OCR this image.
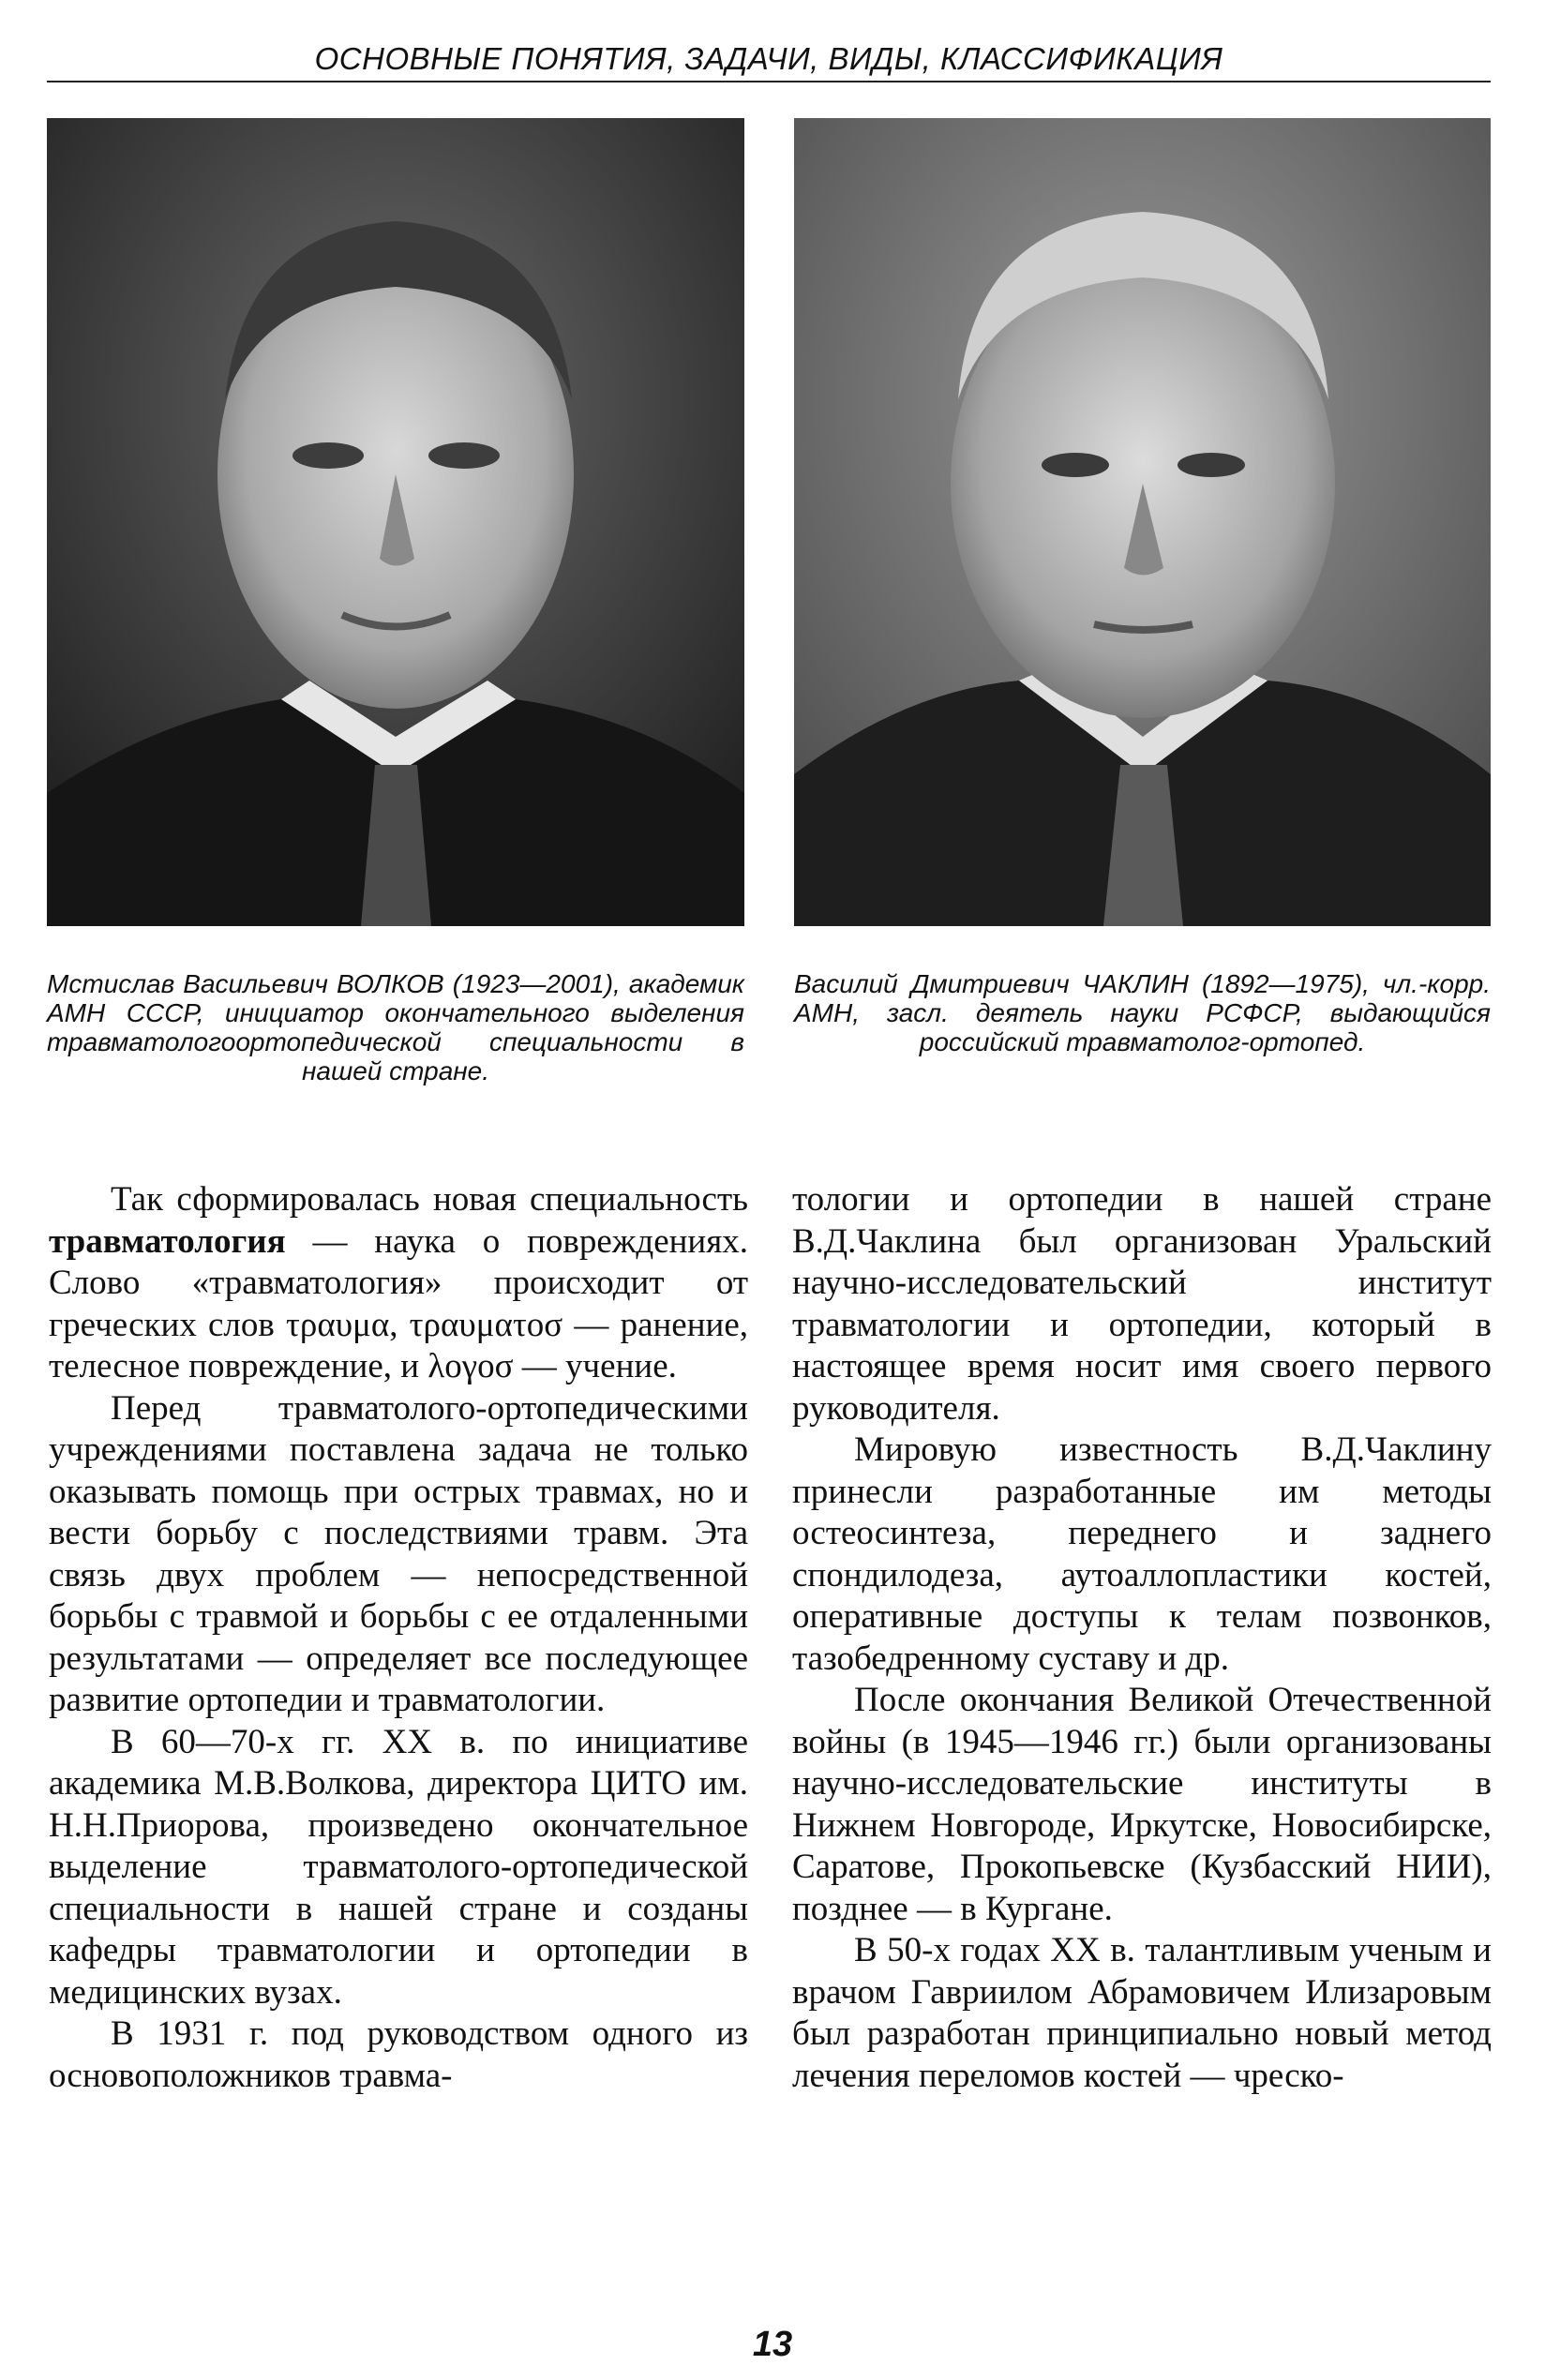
ОСНОВНЫЕ ПОНЯТИЯ, ЗАДАЧИ, ВИДЫ, КЛАССИФИКАЦИЯ
Мстислав Васильевич ВОЛКОВ (1923—2001), академик АМН СССР, инициатор окончательного выделения травматологоортопедической специальности в нашей стране.
Василий Дмитриевич ЧАКЛИН (1892—1975), чл.-корр. АМН, засл. деятель науки РСФСР, выдающийся российский травматолог-ортопед.

Так сформировалась новая специальность травматология — наука о повреждениях. Слово «травматология» происходит от греческих слов τραυμα, τραυματοσ — ранение, телесное повреждение, и λογοσ — учение.

Перед травматолого-ортопедическими учреждениями поставлена задача не только оказывать помощь при острых травмах, но и вести борьбу с последствиями травм. Эта связь двух проблем — непосредственной борьбы с травмой и борьбы с ее отдаленными результатами — определяет все последующее развитие ортопедии и травматологии.

В 60—70-х гг. XX в. по инициативе академика М.В.Волкова, директора ЦИТО им. Н.Н.Приорова, произведено окончательное выделение травматолого-ортопедической специальности в нашей стране и созданы кафедры травматологии и ортопедии в медицинских вузах.

В 1931 г. под руководством одного из основоположников травма-

тологии и ортопедии в нашей стране В.Д.Чаклина был организован Уральский научно-исследовательский институт травматологии и ортопедии, который в настоящее время носит имя своего первого руководителя.

Мировую известность В.Д.Чаклину принесли разработанные им методы остеосинтеза, переднего и заднего спондилодеза, аутоаллопластики костей, оперативные доступы к телам позвонков, тазобедренному суставу и др.

После окончания Великой Отечественной войны (в 1945—1946 гг.) были организованы научно-исследовательские институты в Нижнем Новгороде, Иркутске, Новосибирске, Саратове, Прокопьевске (Кузбасский НИИ), позднее — в Кургане.

В 50-х годах XX в. талантливым ученым и врачом Гавриилом Абрамовичем Илизаровым был разработан принципиально новый метод лечения переломов костей — чреско-

13
